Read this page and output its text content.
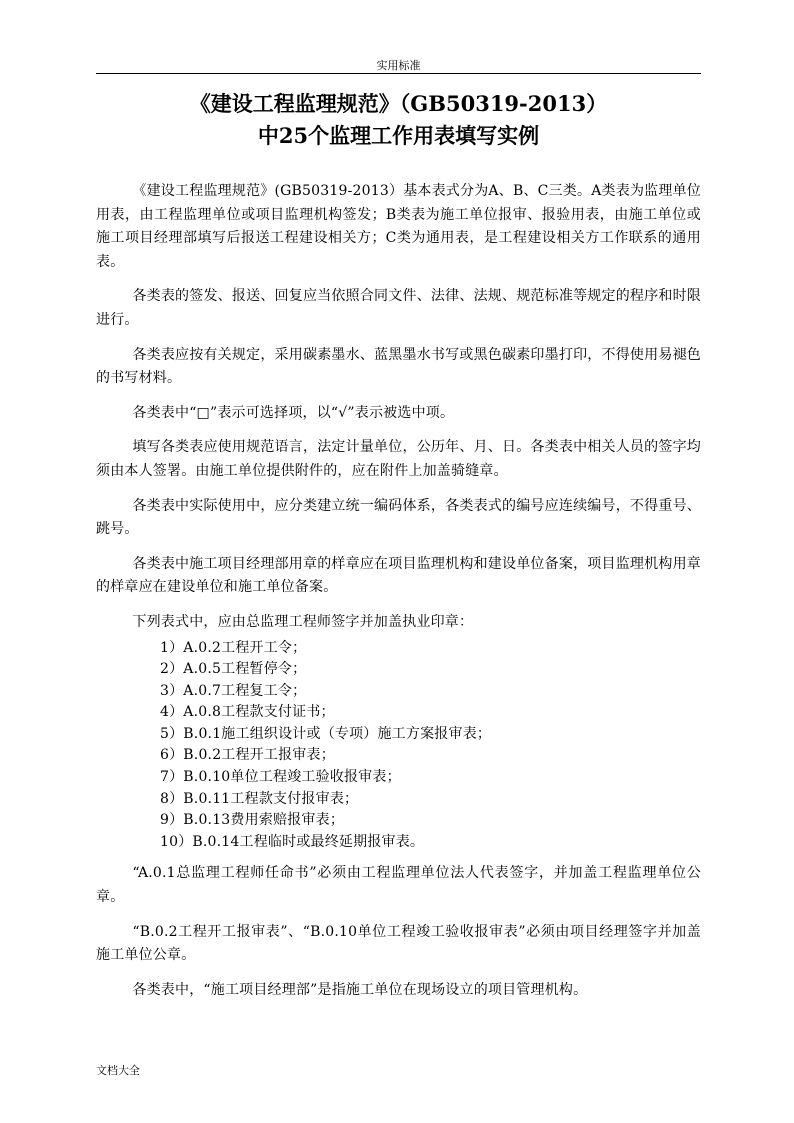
实用标准
《建设工程监理规范》（GB50319-2013）
中25个监理工作用表填写实例

《建设工程监理规范》(GB50319-2013）基本表式分为A、B、C三类。A类表为监理单位用表，由工程监理单位或项目监理机构签发；B类表为施工单位报审、报验用表，由施工单位或施工项目经理部填写后报送工程建设相关方；C类为通用表，是工程建设相关方工作联系的通用表。

各类表的签发、报送、回复应当依照合同文件、法律、法规、规范标准等规定的程序和时限进行。

各类表应按有关规定，采用碳素墨水、蓝黑墨水书写或黑色碳素印墨打印，不得使用易褪色的书写材料。

各类表中“□”表示可选择项，以“√”表示被选中项。

填写各类表应使用规范语言，法定计量单位，公历年、月、日。各类表中相关人员的签字均须由本人签署。由施工单位提供附件的，应在附件上加盖骑缝章。

各类表中实际使用中，应分类建立统一编码体系，各类表式的编号应连续编号，不得重号、跳号。

各类表中施工项目经理部用章的样章应在项目监理机构和建设单位备案，项目监理机构用章的样章应在建设单位和施工单位备案。

下列表式中，应由总监理工程师签字并加盖执业印章：

1）A.0.2工程开工令；
2）A.0.5工程暂停令；
3）A.0.7工程复工令；
4）A.0.8工程款支付证书；
5）B.0.1施工组织设计或（专项）施工方案报审表；
6）B.0.2工程开工报审表；
7）B.0.10单位工程竣工验收报审表；
8）B.0.11工程款支付报审表；
9）B.0.13费用索赔报审表；
10）B.0.14工程临时或最终延期报审表。

“A.0.1总监理工程师任命书”必须由工程监理单位法人代表签字，并加盖工程监理单位公章。

“B.0.2工程开工报审表”、“B.0.10单位工程竣工验收报审表”必须由项目经理签字并加盖施工单位公章。

各类表中，“施工项目经理部”是指施工单位在现场设立的项目管理机构。

文档大全
